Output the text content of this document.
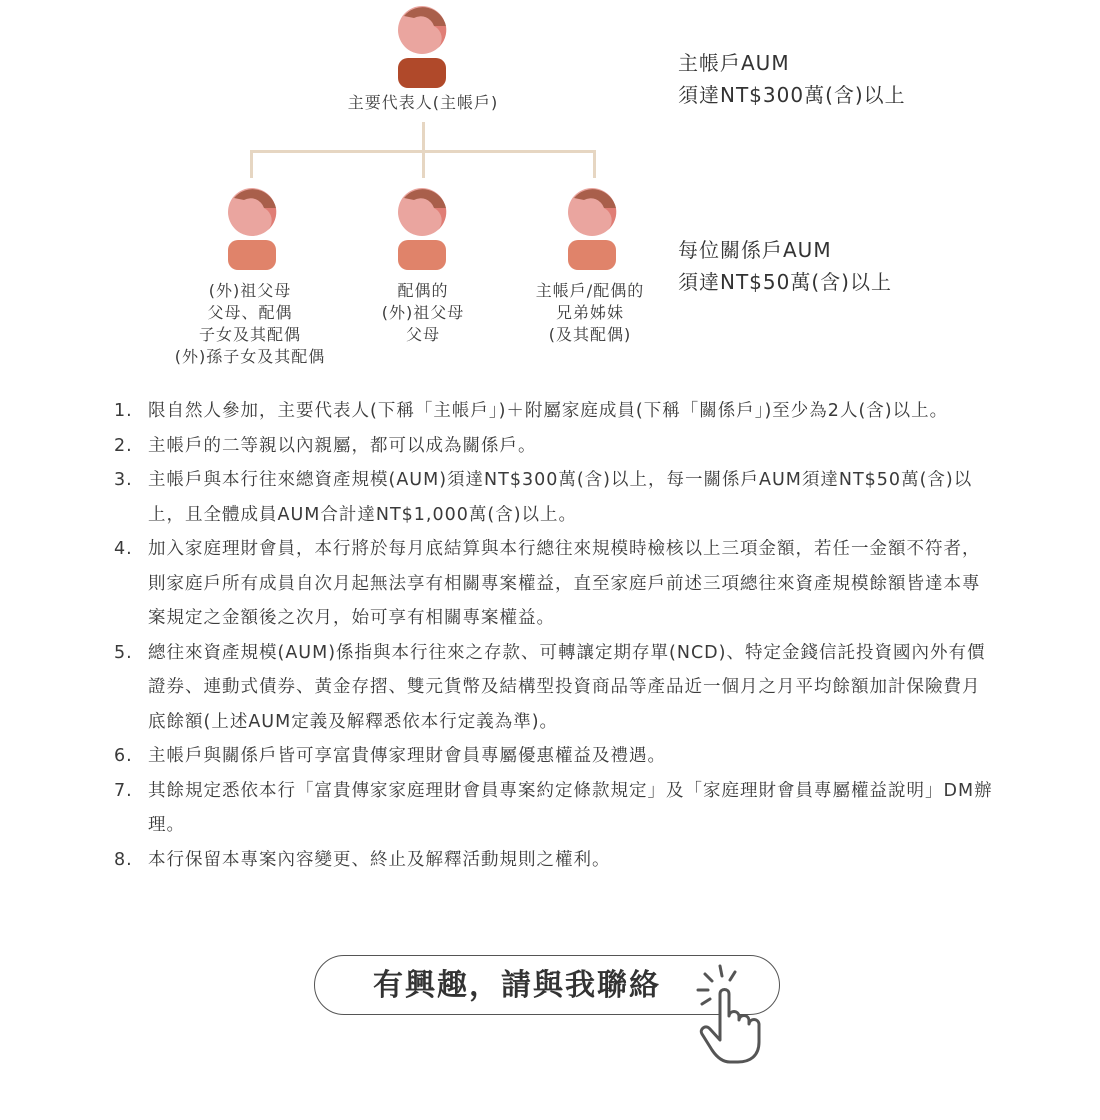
主要代表人(主帳戶)
(外)祖父母
父母、配偶
子女及其配偶
(外)孫子女及其配偶
配偶的
(外)祖父母
父母
主帳戶/配偶的
兄弟姊妹
(及其配偶)
主帳戶AUM
須達NT$300萬(含)以上
每位關係戶AUM
須達NT$50萬(含)以上
1. 限自然人參加，主要代表人(下稱「主帳戶」)＋附屬家庭成員(下稱「關係戶」)至少為2人(含)以上。
2. 主帳戶的二等親以內親屬，都可以成為關係戶。
3. 主帳戶與本行往來總資產規模(AUM)須達NT$300萬(含)以上，每一關係戶AUM須達NT$50萬(含)以上，且全體成員AUM合計達NT$1,000萬(含)以上。
4. 加入家庭理財會員，本行將於每月底結算與本行總往來規模時檢核以上三項金額，若任一金額不符者，則家庭戶所有成員自次月起無法享有相關專案權益，直至家庭戶前述三項總往來資產規模餘額皆達本專案規定之金額後之次月，始可享有相關專案權益。
5. 總往來資產規模(AUM)係指與本行往來之存款、可轉讓定期存單(NCD)、特定金錢信託投資國內外有價證券、連動式債券、黃金存摺、雙元貨幣及結構型投資商品等產品近一個月之月平均餘額加計保險費月底餘額(上述AUM定義及解釋悉依本行定義為準)。
6. 主帳戶與關係戶皆可享富貴傳家理財會員專屬優惠權益及禮遇。
7. 其餘規定悉依本行「富貴傳家家庭理財會員專案約定條款規定」及「家庭理財會員專屬權益說明」DM辦理。
8. 本行保留本專案內容變更、終止及解釋活動規則之權利。
有興趣，請與我聯絡
